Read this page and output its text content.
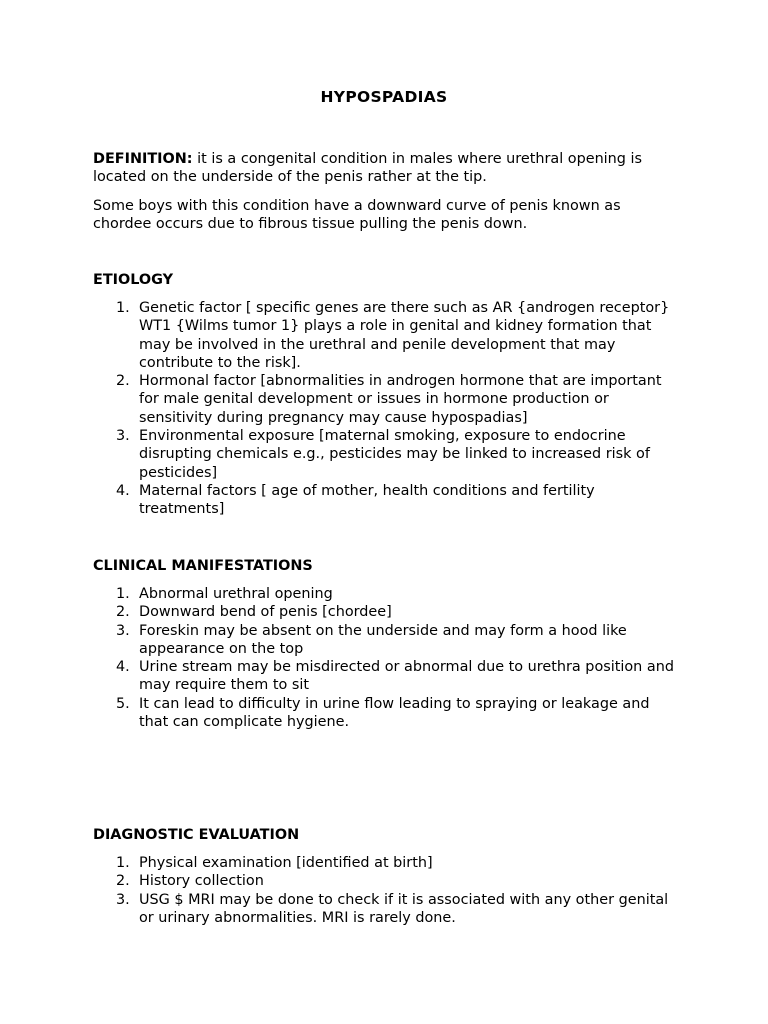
HYPOSPADIAS

DEFINITION: it is a congenital condition in males where urethral opening is located on the underside of the penis rather at the tip.

Some boys with this condition have a downward curve of penis known as chordee occurs due to fibrous tissue pulling the penis down.

ETIOLOGY
1. Genetic factor [ specific genes are there such as AR {androgen receptor} WT1 {Wilms tumor 1} plays a role in genital and kidney formation that may be involved in the urethral and penile development that may contribute to the risk].
2. Hormonal factor [abnormalities in androgen hormone that are important for male genital development or issues in hormone production or sensitivity during pregnancy may cause hypospadias]
3. Environmental exposure [maternal smoking, exposure to endocrine disrupting chemicals e.g., pesticides may be linked to increased risk of pesticides]
4. Maternal factors [ age of mother, health conditions and fertility treatments]
CLINICAL MANIFESTATIONS
1. Abnormal urethral opening
2. Downward bend of penis [chordee]
3. Foreskin may be absent on the underside and may form a hood like appearance on the top
4. Urine stream may be misdirected or abnormal due to urethra position and may require them to sit
5. It can lead to difficulty in urine flow leading to spraying or leakage and that can complicate hygiene.
DIAGNOSTIC EVALUATION
1. Physical examination [identified at birth]
2. History collection
3. USG $ MRI may be done to check if it is associated with any other genital or urinary abnormalities. MRI is rarely done.
